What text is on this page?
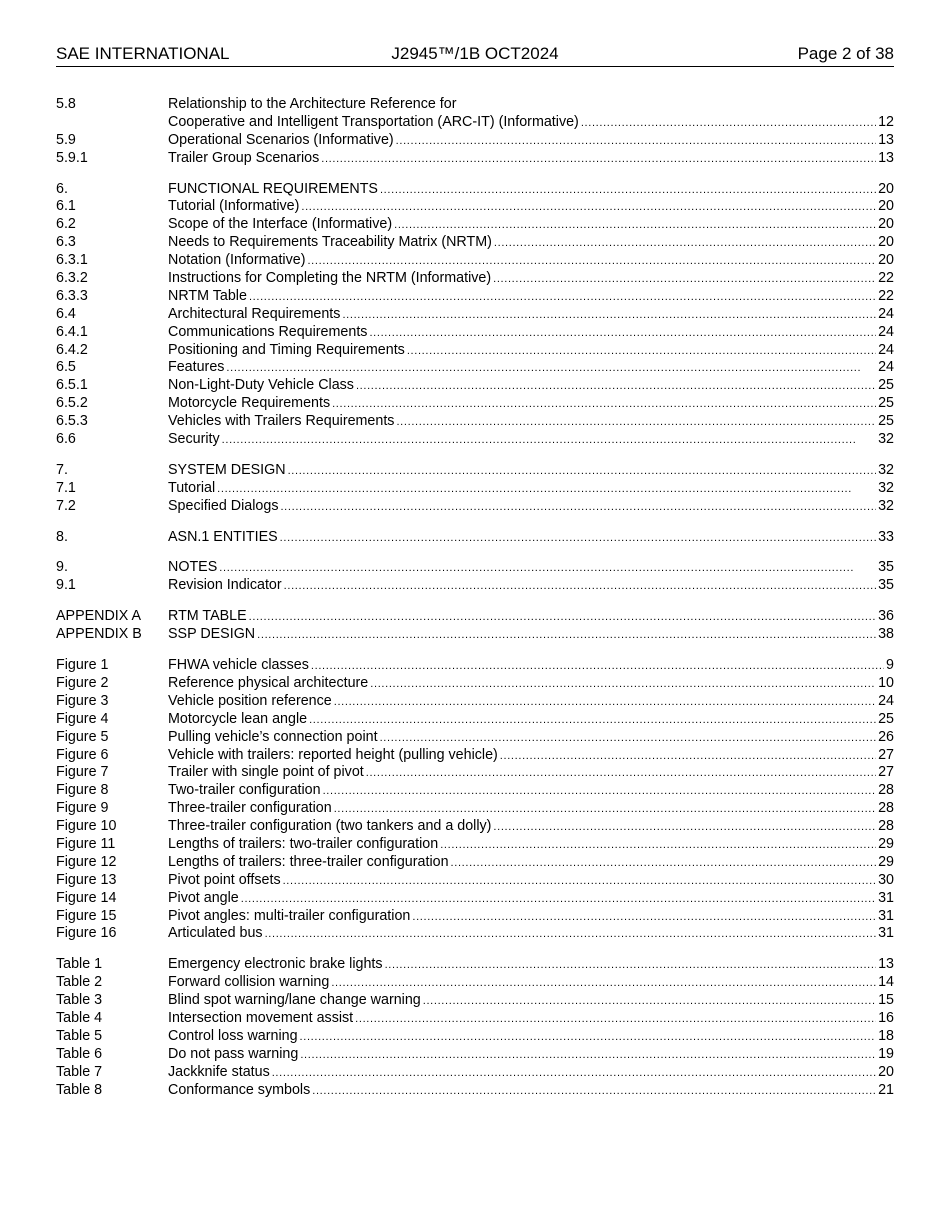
SAE INTERNATIONAL	J2945™/1B OCT2024	Page 2 of 38
5.8	Relationship to the Architecture Reference for
Cooperative and Intelligent Transportation (ARC-IT) (Informative) . . .	12
5.9	Operational Scenarios (Informative) . . .	13
5.9.1	Trailer Group Scenarios . . .	13
6.	FUNCTIONAL REQUIREMENTS . . .	20
6.1	Tutorial (Informative) . . .	20
6.2	Scope of the Interface (Informative) . . .	20
6.3	Needs to Requirements Traceability Matrix (NRTM) . . .	20
6.3.1	Notation (Informative) . . .	20
6.3.2	Instructions for Completing the NRTM (Informative) . . .	22
6.3.3	NRTM Table . . .	22
6.4	Architectural Requirements . . .	24
6.4.1	Communications Requirements . . .	24
6.4.2	Positioning and Timing Requirements . . .	24
6.5	Features . . .	24
6.5.1	Non-Light-Duty Vehicle Class . . .	25
6.5.2	Motorcycle Requirements . . .	25
6.5.3	Vehicles with Trailers Requirements . . .	25
6.6	Security . . .	32
7.	SYSTEM DESIGN . . .	32
7.1	Tutorial . . .	32
7.2	Specified Dialogs . . .	32
8.	ASN.1 ENTITIES . . .	33
9.	NOTES . . .	35
9.1	Revision Indicator . . .	35
APPENDIX A RTM TABLE . . .	36
APPENDIX B SSP DESIGN . . .	38
Figure 1	FHWA vehicle classes . . .	9
Figure 2	Reference physical architecture . . .	10
Figure 3	Vehicle position reference . . .	24
Figure 4	Motorcycle lean angle . . .	25
Figure 5	Pulling vehicle’s connection point . . .	26
Figure 6	Vehicle with trailers: reported height (pulling vehicle) . . .	27
Figure 7	Trailer with single point of pivot . . .	27
Figure 8	Two-trailer configuration . . .	28
Figure 9	Three-trailer configuration . . .	28
Figure 10	Three-trailer configuration (two tankers and a dolly) . . .	28
Figure 11	Lengths of trailers: two-trailer configuration . . .	29
Figure 12	Lengths of trailers: three-trailer configuration . . .	29
Figure 13	Pivot point offsets . . .	30
Figure 14	Pivot angle . . .	31
Figure 15	Pivot angles: multi-trailer configuration . . .	31
Figure 16	Articulated bus . . .	31
Table 1	Emergency electronic brake lights . . .	13
Table 2	Forward collision warning . . .	14
Table 3	Blind spot warning/lane change warning . . .	15
Table 4	Intersection movement assist . . .	16
Table 5	Control loss warning . . .	18
Table 6	Do not pass warning . . .	19
Table 7	Jackknife status . . .	20
Table 8	Conformance symbols . . .	21
